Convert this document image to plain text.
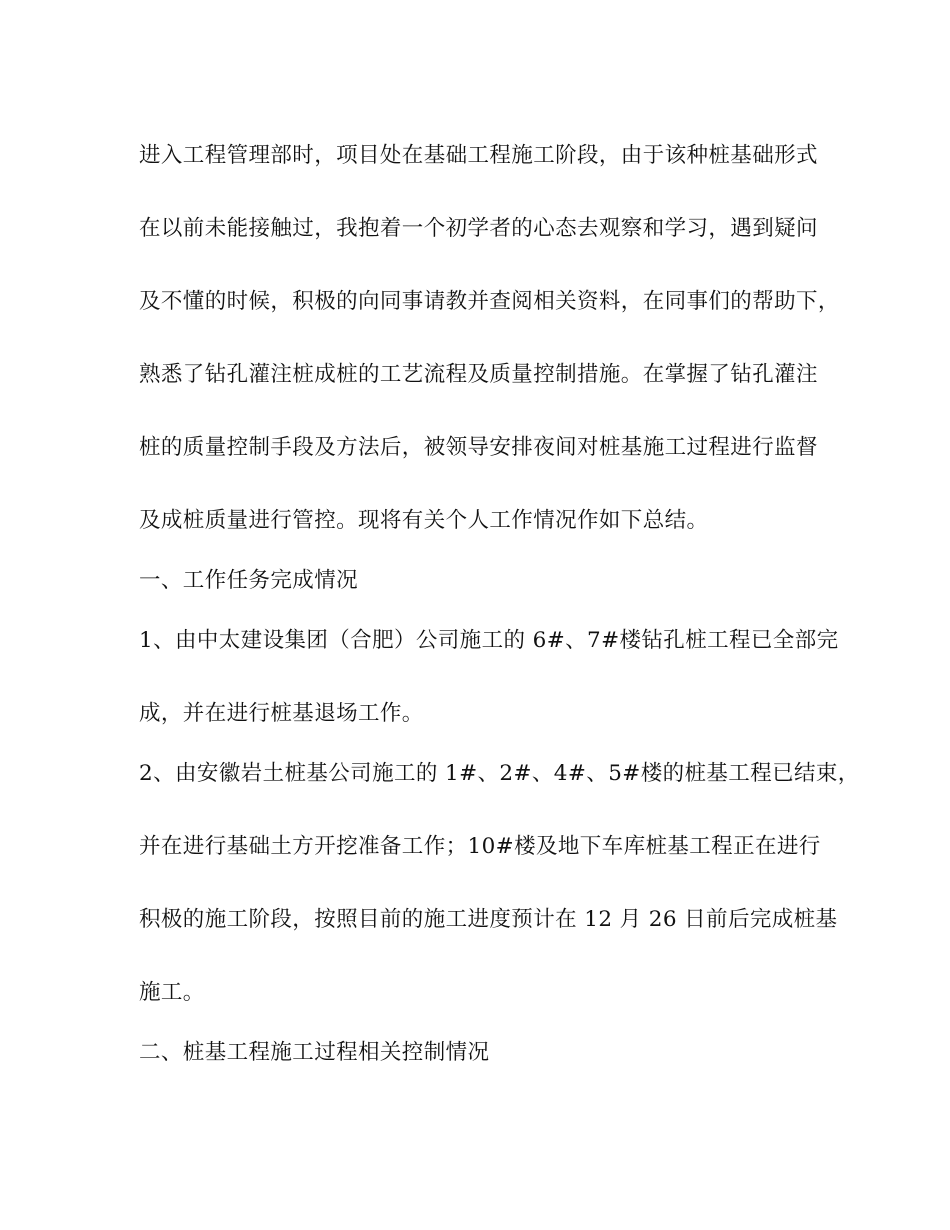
进入工程管理部时，项目处在基础工程施工阶段，由于该种桩基础形式
在以前未能接触过，我抱着一个初学者的心态去观察和学习，遇到疑问
及不懂的时候，积极的向同事请教并查阅相关资料，在同事们的帮助下，
熟悉了钻孔灌注桩成桩的工艺流程及质量控制措施。在掌握了钻孔灌注
桩的质量控制手段及方法后，被领导安排夜间对桩基施工过程进行监督
及成桩质量进行管控。现将有关个人工作情况作如下总结。
一、工作任务完成情况
1、由中太建设集团（合肥）公司施工的 6#、7#楼钻孔桩工程已全部完
成，并在进行桩基退场工作。
2、由安徽岩土桩基公司施工的 1#、2#、4#、5#楼的桩基工程已结束，
并在进行基础土方开挖准备工作；10#楼及地下车库桩基工程正在进行
积极的施工阶段，按照目前的施工进度预计在 12 月 26 日前后完成桩基
施工。
二、桩基工程施工过程相关控制情况
